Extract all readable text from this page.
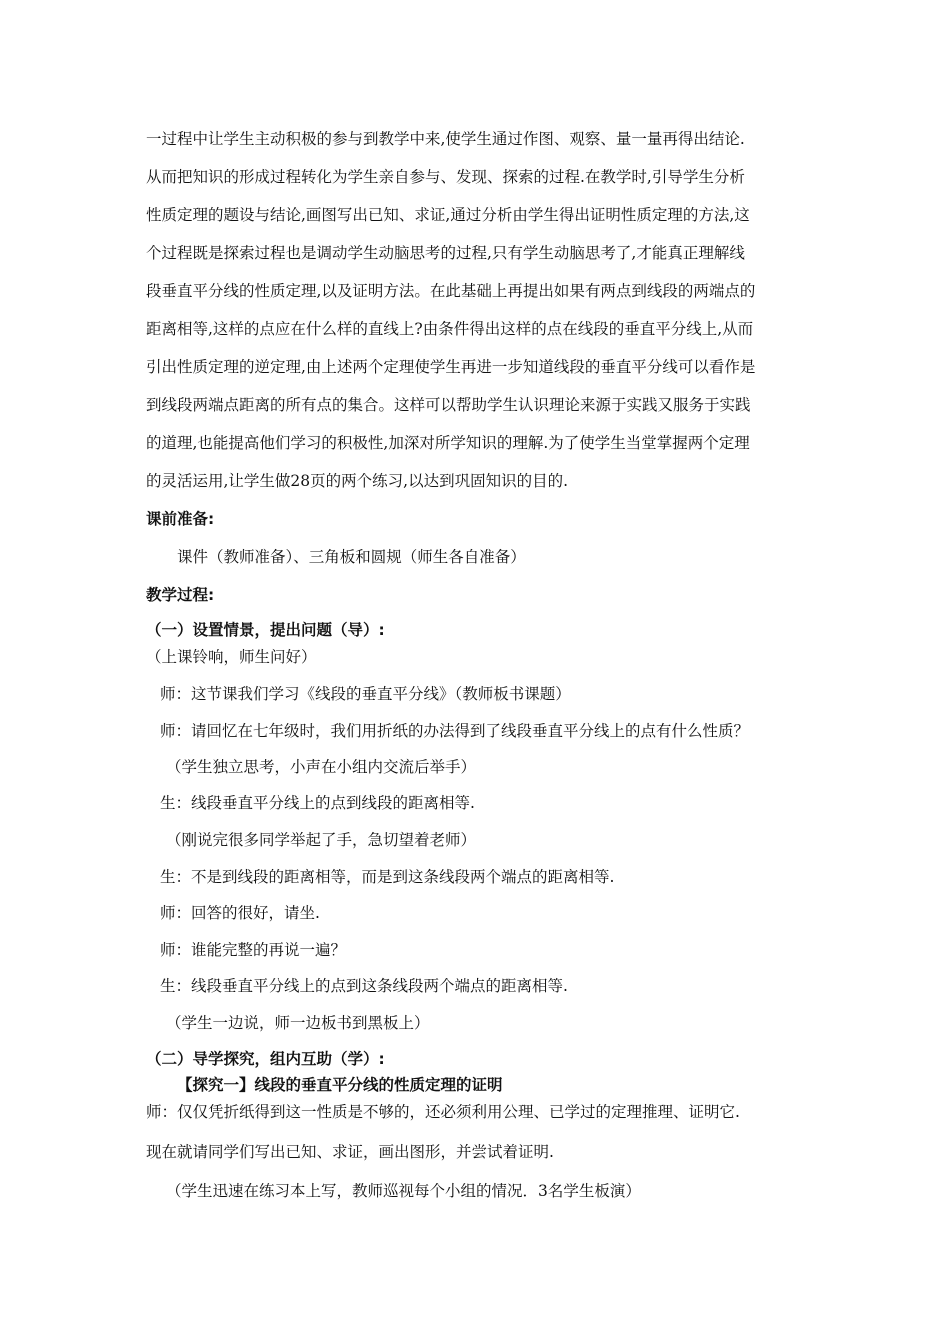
一过程中让学生主动积极的参与到教学中来,使学生通过作图、观察、量一量再得出结论.
从而把知识的形成过程转化为学生亲自参与、发现、探索的过程.在教学时,引导学生分析
性质定理的题设与结论,画图写出已知、求证,通过分析由学生得出证明性质定理的方法,这
个过程既是探索过程也是调动学生动脑思考的过程,只有学生动脑思考了,才能真正理解线
段垂直平分线的性质定理,以及证明方法。在此基础上再提出如果有两点到线段的两端点的
距离相等,这样的点应在什么样的直线上?由条件得出这样的点在线段的垂直平分线上,从而
引出性质定理的逆定理,由上述两个定理使学生再进一步知道线段的垂直平分线可以看作是
到线段两端点距离的所有点的集合。这样可以帮助学生认识理论来源于实践又服务于实践
的道理,也能提高他们学习的积极性,加深对所学知识的理解.为了使学生当堂掌握两个定理
的灵活运用,让学生做28页的两个练习,以达到巩固知识的目的.
课前准备:
课件（教师准备）、三角板和圆规（师生各自准备）
教学过程:
（一）设置情景，提出问题（导）:
（上课铃响，师生问好）
师：这节课我们学习《线段的垂直平分线》（教师板书课题）
师：请回忆在七年级时，我们用折纸的办法得到了线段垂直平分线上的点有什么性质？
（学生独立思考，小声在小组内交流后举手）
生：线段垂直平分线上的点到线段的距离相等.
（刚说完很多同学举起了手，急切望着老师）
生：不是到线段的距离相等，而是到这条线段两个端点的距离相等.
师：回答的很好，请坐.
师：谁能完整的再说一遍？
生：线段垂直平分线上的点到这条线段两个端点的距离相等.
（学生一边说，师一边板书到黑板上）
（二）导学探究，组内互助（学）:
【探究一】线段的垂直平分线的性质定理的证明
师：仅仅凭折纸得到这一性质是不够的，还必须利用公理、已学过的定理推理、证明它.
现在就请同学们写出已知、求证，画出图形，并尝试着证明.
（学生迅速在练习本上写，教师巡视每个小组的情况．3名学生板演）
